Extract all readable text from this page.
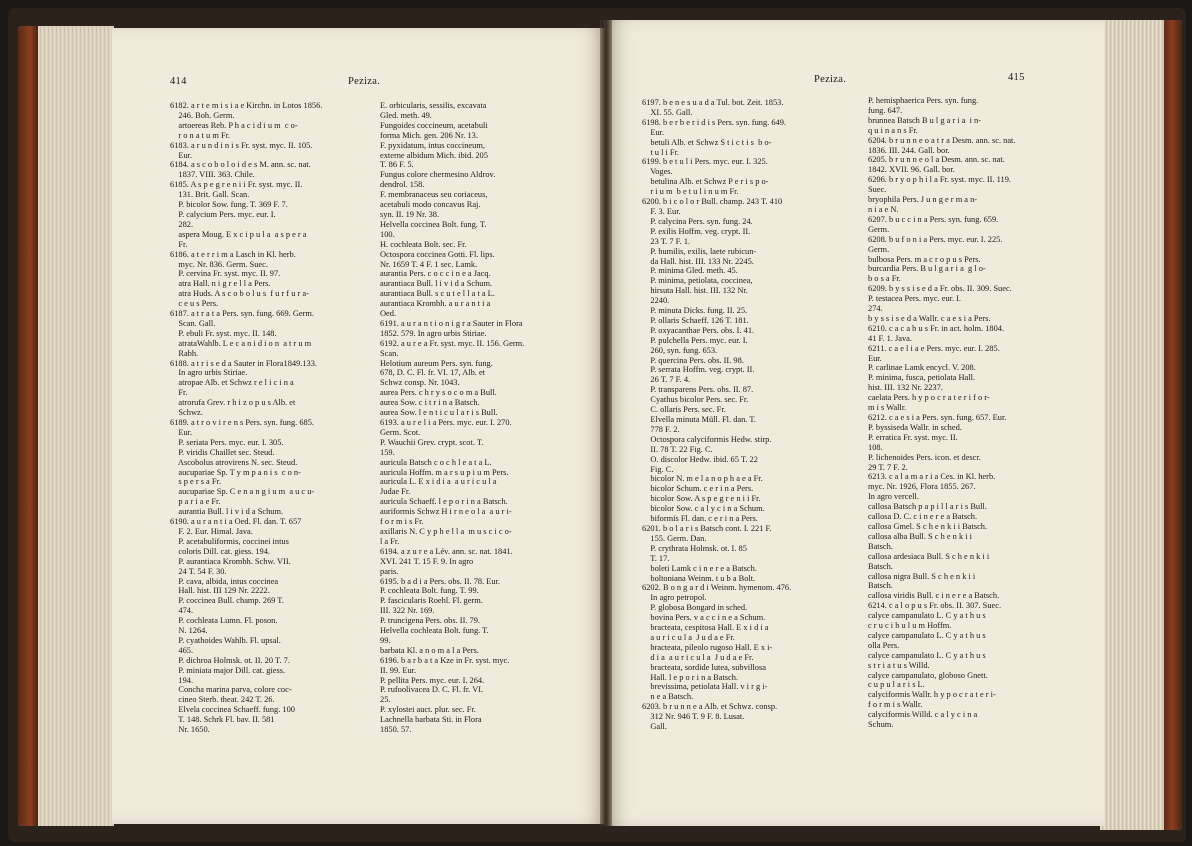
414	Peziza.
6182. a r t e m i s i a e Kirchn. in Lotos 1856.
246. Boh. Germ.
artoereas Reb. P h a c i d i u m  c o-
r o n a t u m Fr.
6183. a r u n d i n i s Fr. syst. myc. II. 105.
Eur.
6184. a s c o b o l o i d e s M. ann. sc. nat.
1837. VIII. 363. Chile.
6185. A s p e g r e n i i Fr. syst. myc. II.
131. Brit. Gall. Scan.
P. bicolor Sow. fung. T. 369 F. 7.
P. calycium Pers. myc. eur. I.
282.
aspera Moug. E x c i p u l a  a s p e r a
Fr.
6186. a t e r r i m a Lasch in Kl. herb.
myc. Nr. 836. Germ. Suec.
P. cervina Fr. syst. myc. II. 97.
atra Hall. n i g r e l l a Pers.
atra Huds. A s c o b o l u s  f u r f u r a-
c e u s Pers.
6187. a t r a t a Pers. syn. fung. 669. Germ.
Scan. Gall.
P. ebuli Fr. syst. myc. II. 148.
atrataWahlb. L e c a n i d i o n  a t r u m
Rabh.
6188. a t r i s e d a Sauter in Flora1849.133.
In agro urbis Stiriae.
atropae Alb. et Schwz r e l i c i n a
Fr.
atrorufa Grev. r h i z o p u s Alb. et
Schwz.
6189. a t r o v i r e n s Pers. syn. fung. 685.
Eur.
P. seriata Pers. myc. eur. I. 305.
P. viridis Chaillet sec. Steud.
Ascobolus atrovirens N. sec. Steud.
aucupariae Sp. T y m p a n i s  c o n-
s p e r s a Fr.
aucupariae Sp. C e n a n g i u m  a u c u-
p a r i a e Fr.
aurantia Bull. l i v i d a Schum.
6190. a u r a n t i a Oed. Fl. dan. T. 657
F. 2. Eur. Himal. Java.
P. acetabuliformis, coccinei intus
coloris Dill. cat. giess. 194.
P. aurantiaca Krombh. Schw. VII.
24 T. 54 F. 30.
P. cava, albida, intus coccinea
Hall. hist. III 129 Nr. 2222.
P. coccinea Bull. champ. 269 T.
474.
P. cochleata Lumn. Fl. poson.
N. 1264.
P. cyathoides Wahlb. Fl. upsal.
465.
P. dichroa Holmsk. ot. II. 20 T. 7.
P. miniata major Dill. cat. giess.
194.
Concha marina parva, colore coc-
cineo Sterb. theat. 242 T. 26.
Elvela coccinea Schaeff. fung. 100
T. 148. Schrk Fl. bav. II. 581
Nr. 1650.
E. orbicularis, sessilis, excavata
Gled. meth. 49.
Fungoides coccineum, acetabuli
forma Mich. gen. 206 Nr. 13.
F. pyxidatum, intus coccineum,
externe albidum Mich. ibid. 205
T. 86 F. 5.
Fungus colore chermesino Aldrov.
dendrol. 158.
F. membranaceus seu coriaceus,
acetabuli modo concavus Raj.
syn. II. 19 Nr. 38.
Helvella coccinea Bolt. fung. T.
100.
H. cochleata Bolt. sec. Fr.
Octospora coccinea Gotti. Fl. lips.
Nr. 1659 T. 4 F. 1 sec. Lamk.
aurantia Pers. c o c c i n e a Jacq.
aurantiaca Bull. l i v i d a Schum.
aurantiaca Bull. s c u t e l l a t a L.
aurantiaca Krombh. a u r a n t i a
Oed.
6191. a u r a n t i o n i g r a Sauter in Flora
1852. 579. In agro urbis Stiriae.
6192. a u r e a Fr. syst. myc. II. 156. Germ.
Scan.
Helotium aureum Pers. syn. fung.
678, D. C. Fl. fr. VI. 17, Alb. et
Schwz consp. Nr. 1043.
aurea Pers. c h r y s o c o m a Bull.
aurea Sow. c i t r i n a Batsch.
aurea Sow. l e n t i c u l a r i s Bull.
6193. a u r e l i a Pers. myc. eur. I. 270.
Germ. Scot.
P. Wauchii Grev. crypt. scot. T.
159.
auricula Batsch c o c h l e a t a L.
auricula Hoffm. m a r s u p i u m Pers.
auricula L. E x i d i a  a u r i c u l a
Judae Fr.
auricula Schaeff. l e p o r i n a Batsch.
auriformis Schwz H i r n e o l a  a u r i-
f o r m i s Fr.
axillaris N. C y p h e l l a  m u s c i c o-
l a Fr.
6194. a z u r e a Lév. ann. sc. nat. 1841.
XVI. 241 T. 15 F. 9. In agro
paris.
6195. b a d i a Pers. obs. II. 78. Eur.
P. cochleata Bolt. fung. T. 99.
P. fascicularis Roehl. Fl. germ.
III. 322 Nr. 169.
P. truncigena Pers. obs. II. 79.
Helvella cochleata Bolt. fung. T.
99.
barbata Kl. a n o m a l a Pers.
6196. b a r b a t a Kze in Fr. syst. myc.
II. 99. Eur.
P. pellita Pers. myc. eur. I. 264.
P. rufoolivacea D. C. Fl. fr. VI.
25.
P. xylostei auct. plur. sec. Fr.
Lachnella barbata Sti. in Flora
1850. 57.
Peziza.	415
6197. b e n e s u a d a Tul. bot. Zeit. 1853.
XI. 55. Gall.
6198. b e r b e r i d i s Pers. syn. fung. 649.
Eur.
betuli Alb. et Schwz S t i c t i s  b o-
t u l i Fr.
6199. b e t u l i Pers. myc. eur. I. 325.
Voges.
betulina Alb. et Schwz P e r i s p o-
r i u m  b e t u l i n u m Fr.
6200. b i c o l o r Bull. champ. 243 T. 410
F. 3. Eur.
P. calycina Pers. syn. fung. 24.
P. exilis Hoffm. veg. crypt. II.
23 T. 7 F. 1.
P. humilis, exilis, laete rubicun-
da Hall. hist. III. 133 Nr. 2245.
P. minima Gled. meth. 45.
P. minima, petiolata, coccinea,
hirsuta Hall. hist. III. 132 Nr.
2240.
P. minuta Dicks. fung. II. 25.
P. ollaris Schaeff. 126 T. 181.
P. oxyacanthae Pers. obs. I. 41.
P. pulchella Pers. myc. eur. I.
260, syn. fung. 653.
P. quercina Pers. obs. II. 98.
P. serrata Hoffm. veg. crypt. II.
26 T. 7 F. 4.
P. transparens Pers. obs. II. 87.
Cyathus bicolor Pers. sec. Fr.
C. ollaris Pers. sec. Fr.
Elvella minuta Müll. Fl. dan. T.
778 F. 2.
Octospora calyciformis Hedw. stirp.
II. 78 T. 22 Fig. C.
O. discolor Hedw. ibid. 65 T. 22
Fig. C.
bicolor N. m e l a n o p h a e a Fr.
bicolor Schum. c e r i n a Pers.
bicolor Sow. A s p e g r e n i i Fr.
bicolor Sow. c a l y c i n a Schum.
biformis Fl. dan. c e r i n a Pers.
6201. b o l a r i s Batsch cont. I. 221 F.
155. Germ. Dan.
P. crythrata Holmsk. ot. I. 85
T. 17.
boleti Lamk c i n e r e a Batsch.
boltoniana Weinm. t u b a Bolt.
6202. B o n g a r d i Weinm. hymenom. 476.
In agro petropol.
P. globosa Bongard in sched.
bovina Pers. v a c c i n e a Schum.
bracteata, cespitosa Hall. E x i d i a
a u r i c u l a  J u d a e Fr.
bracteata, pileolo rugoso Hall. E x i-
d i a  a u r i c u l a  J u d a e Fr.
bracteata, sordide lutea, subvillosa
Hall. l e p o r i n a Batsch.
brevissima, petiolata Hall. v i r g i-
n e a Batsch.
6203. b r u n n e a Alb. et Schwz. consp.
312 Nr. 946 T. 9 F. 8. Lusat.
Gall.
P. hemisphaerica Pers. syn. fung.
fung. 647.
brunnea Batsch B u l g a r i a  i n-
q u i n a n s Fr.
6204. b r u n n e o a t r a Desm. ann. sc. nat.
1836. III. 244. Gall. bor.
6205. b r u n n e o l a Desm. ann. sc. nat.
1842. XVII. 96. Gall. bor.
6206. b r y o p h i l a Fr. syst. myc. II. 119.
Suec.
bryophila Pers. J u n g e r m a n-
n i a e N.
6207. b u c c i n a Pers. syn. fung. 659.
Germ.
6208. b u f o n i a Pers. myc. eur. I. 225.
Germ.
bulbosa Pers. m a c r o p u s Pers.
burcardia Pers. B u l g a r i a  g l o-
b o s a Fr.
6209. b y s s i s e d a Fr. obs. II. 309. Suec.
P. testacea Pers. myc. eur. I.
274.
b y s s i s e d a Wallr. c a e s i a Pers.
6210. c a c a b u s Fr. in act. holm. 1804.
41 F. 1. Java.
6211. c a e l i a e Pers. myc. eur. I. 285.
Eur.
P. carlinae Lamk encycl. V. 208.
P. minima, fusca, petiolata Hall.
hist. III. 132 Nr. 2237.
caelata Pers. h y p o c r a t e r i f o r-
m i s Wallr.
6212. c a e s i a Pers. syn. fung. 657. Eur.
P. byssiseda Wallr. in sched.
P. erratica Fr. syst. myc. II.
108.
P. lichenoides Pers. icon. et descr.
29 T. 7 F. 2.
6213. c a l a m a r i a Ces. in Kl. herb.
myc. Nr. 1926, Flora 1855. 267.
In agro vercell.
callosa Batsch p a p i l l a r i s Bull.
callosa D. C. c i n e r e a Batsch.
callosa Gmel. S c h e n k i i Batsch.
callosa alba Bull. S c h e n k i i
Batsch.
callosa ardesiaca Bull. S c h e n k i i
Batsch.
callosa nigra Bull. S c h e n k i i
Batsch.
callosa viridis Bull. c i n e r e a Batsch.
6214. c a l o p u s Fr. obs. II. 307. Suec.
calyce campanulato L. C y a t h u s
c r u c i b u l u m Hoffm.
calyce campanulato L. C y a t h u s
olla Pers.
calyce campanulato L. C y a t h u s
s t r i a t u s Willd.
calyce campanulato, globoso Gnett.
c u p u l a r i s L.
calyciformis Wallr. h y p o c r a t e r i-
f o r m i s Wallr.
calyciformis Willd. c a l y c i n a
Schum.
